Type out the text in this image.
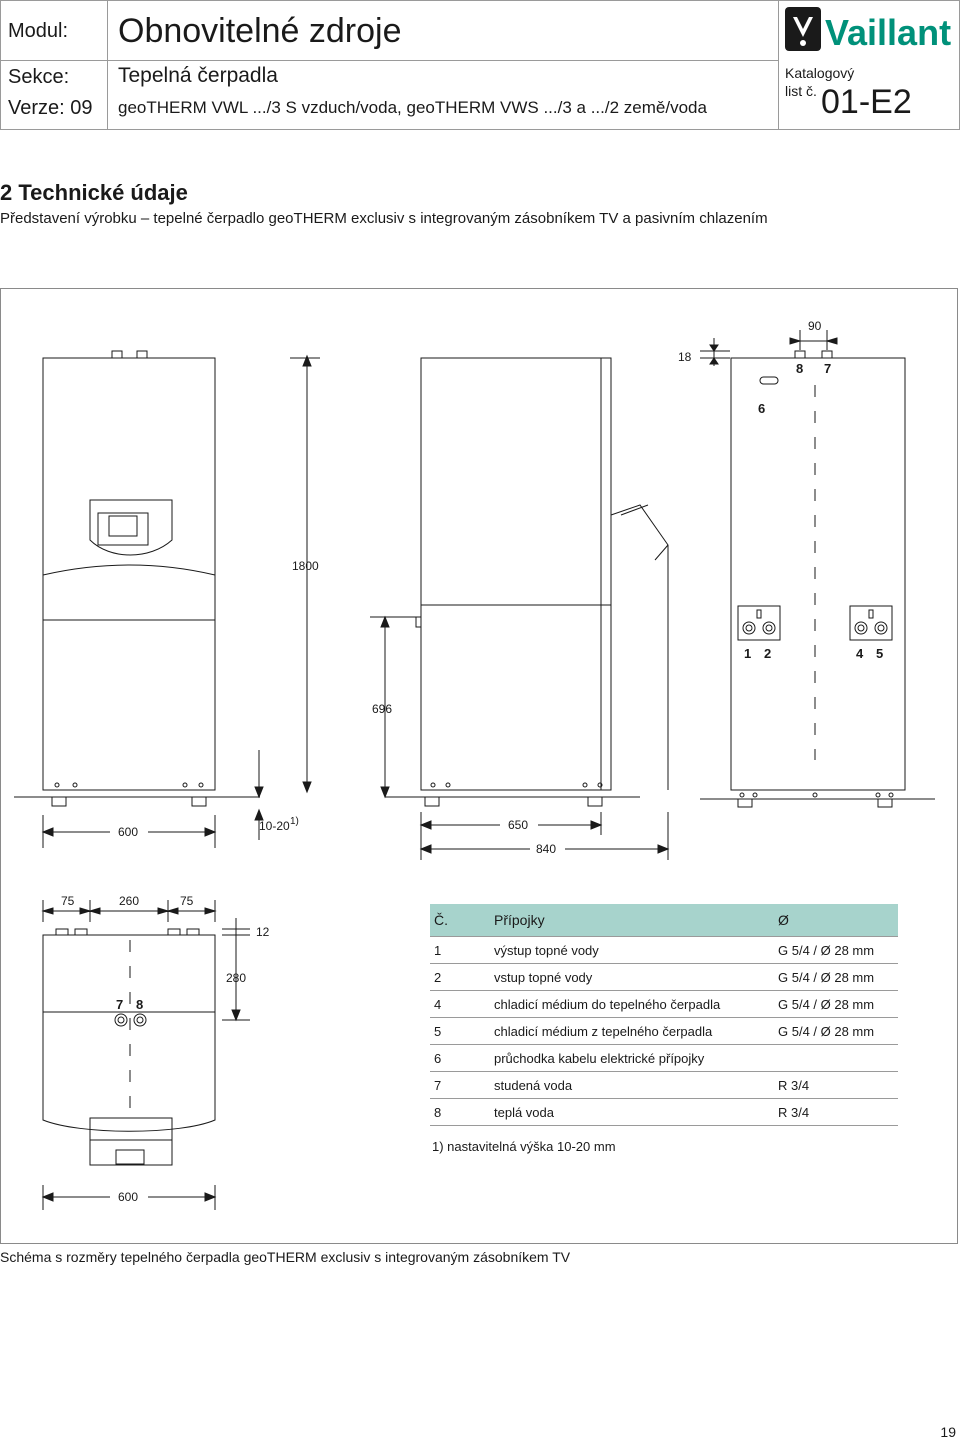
Modul: Obnovitelné zdroje
Sekce: Tepelná čerpadla
Verze: 09 geoTHERM VWL .../3 S vzduch/voda, geoTHERM VWS .../3 a .../2 země/voda
Vaillant
Katalogový
list č. 01-E2
2 Technické údaje
Představení výrobku – tepelné čerpadlo geoTHERM exclusiv s integrovaným zásobníkem TV a pasivním chlazením
90
18
1800
696
600	10-20 1)	650
840
75	260	75
12
280
600
8 7
6
1 2	4 5
7 8
Č.	Přípojky	Ø
1	výstup topné vody	G 5/4 / Ø 28 mm
2	vstup topné vody	G 5/4 / Ø 28 mm
4	chladicí médium do tepelného čerpadla	G 5/4 / Ø 28 mm
5	chladicí médium z tepelného čerpadla	G 5/4 / Ø 28 mm
6	průchodka kabelu elektrické přípojky	
7	studená voda	R 3/4
8	teplá voda	R 3/4
1) nastavitelná výška 10-20 mm
Schéma s rozměry tepelného čerpadla geoTHERM exclusiv s integrovaným zásobníkem TV
19
